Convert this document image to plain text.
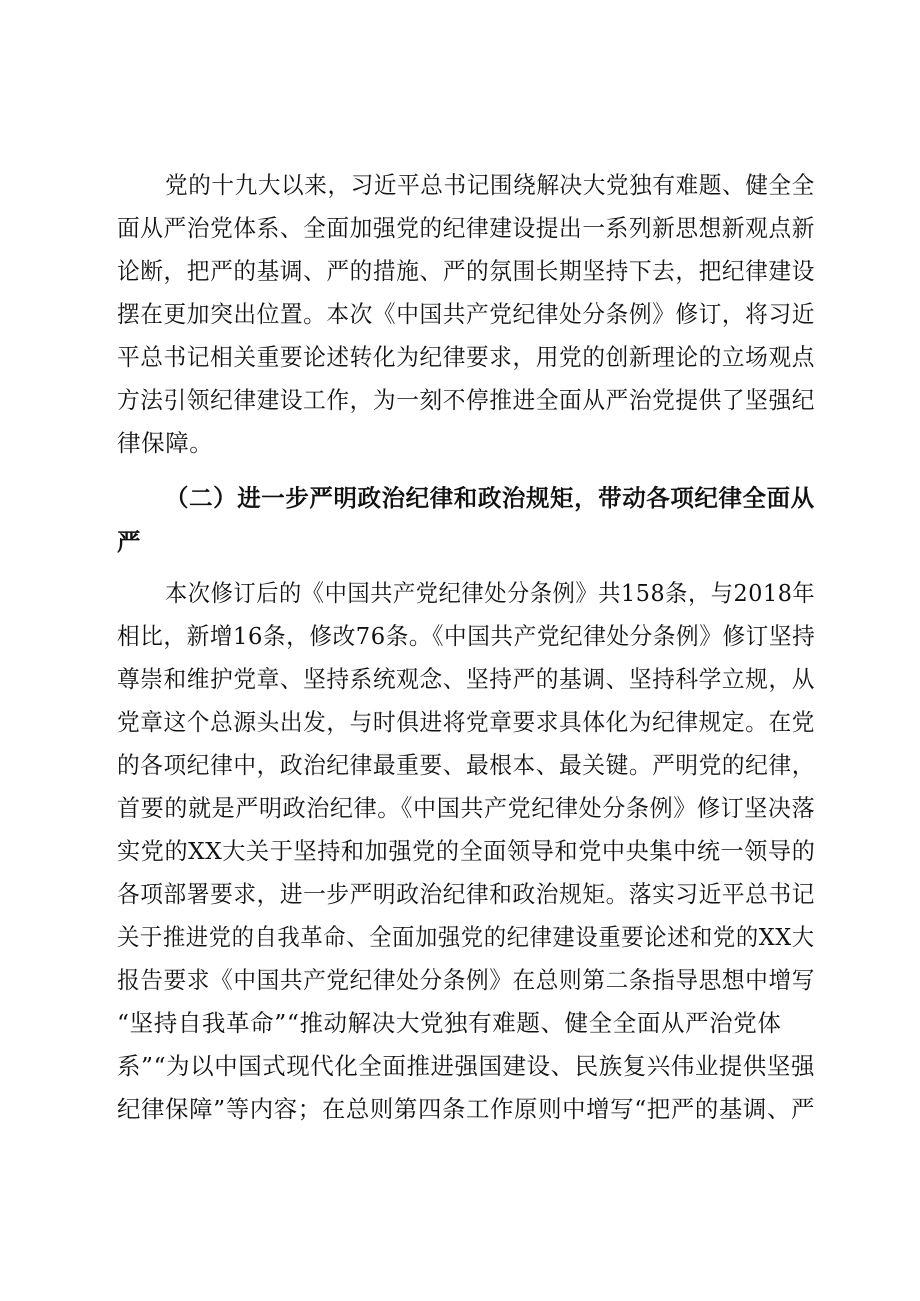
党的十九大以来，习近平总书记围绕解决大党独有难题、健全全
面从严治党体系、全面加强党的纪律建设提出一系列新思想新观点新
论断，把严的基调、严的措施、严的氛围长期坚持下去，把纪律建设
摆在更加突出位置。本次《中国共产党纪律处分条例》修订，将习近
平总书记相关重要论述转化为纪律要求，用党的创新理论的立场观点
方法引领纪律建设工作，为一刻不停推进全面从严治党提供了坚强纪
律保障。
（二）进一步严明政治纪律和政治规矩，带动各项纪律全面从
严
本次修订后的《中国共产党纪律处分条例》共158条，与2018年
相比，新增16条，修改76条。《中国共产党纪律处分条例》修订坚持
尊崇和维护党章、坚持系统观念、坚持严的基调、坚持科学立规，从
党章这个总源头出发，与时俱进将党章要求具体化为纪律规定。在党
的各项纪律中，政治纪律最重要、最根本、最关键。严明党的纪律，
首要的就是严明政治纪律。《中国共产党纪律处分条例》修订坚决落
实党的XX大关于坚持和加强党的全面领导和党中央集中统一领导的
各项部署要求，进一步严明政治纪律和政治规矩。落实习近平总书记
关于推进党的自我革命、全面加强党的纪律建设重要论述和党的XX大
报告要求《中国共产党纪律处分条例》在总则第二条指导思想中增写
“坚持自我革命”“推动解决大党独有难题、健全全面从严治党体
系”“为以中国式现代化全面推进强国建设、民族复兴伟业提供坚强
纪律保障”等内容；在总则第四条工作原则中增写“把严的基调、严
